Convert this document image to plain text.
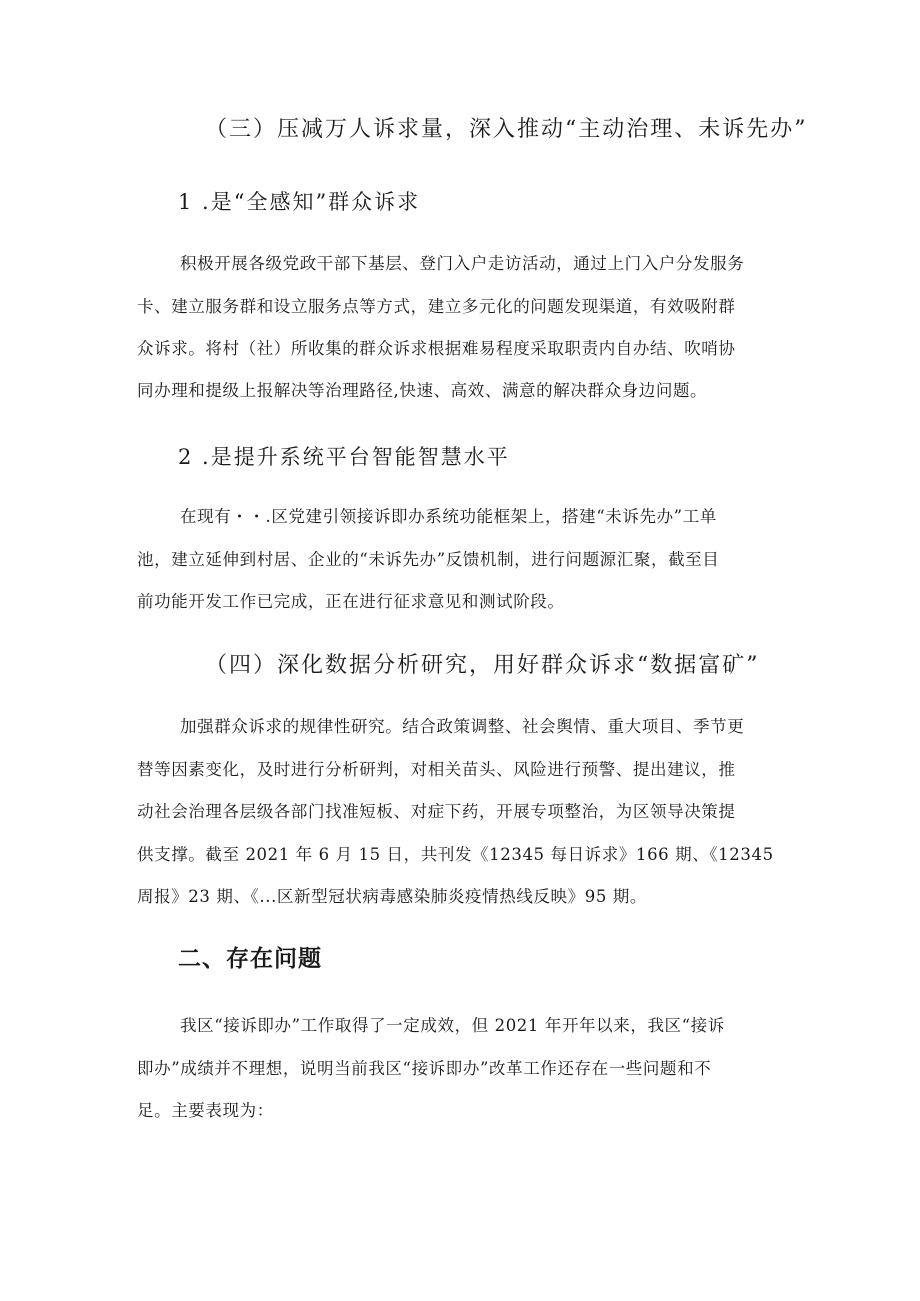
（三）压减万人诉求量，深入推动“主动治理、未诉先办”

1 .是“全感知”群众诉求

积极开展各级党政干部下基层、登门入户走访活动，通过上门入户分发服务

卡、建立服务群和设立服务点等方式，建立多元化的问题发现渠道，有效吸附群

众诉求。将村（社）所收集的群众诉求根据难易程度采取职责内自办结、吹哨协

同办理和提级上报解决等治理路径,快速、高效、满意的解决群众身边问题。

2 .是提升系统平台智能智慧水平

在现有・・.区党建引领接诉即办系统功能框架上，搭建“未诉先办”工单

池，建立延伸到村居、企业的“未诉先办”反馈机制，进行问题源汇聚，截至目

前功能开发工作已完成，正在进行征求意见和测试阶段。

（四）深化数据分析研究，用好群众诉求“数据富矿”

加强群众诉求的规律性研究。结合政策调整、社会舆情、重大项目、季节更

替等因素变化，及时进行分析研判，对相关苗头、风险进行预警、提出建议，推

动社会治理各层级各部门找准短板、对症下药，开展专项整治，为区领导决策提

供支撑。截至 2021 年 6 月 15 日，共刊发《12345 每日诉求》166 期、《12345

周报》23 期、《...区新型冠状病毒感染肺炎疫情热线反映》95 期。

二、存在问题

我区“接诉即办”工作取得了一定成效，但 2021 年开年以来，我区“接诉

即办”成绩并不理想，说明当前我区“接诉即办”改革工作还存在一些问题和不

足。主要表现为：
